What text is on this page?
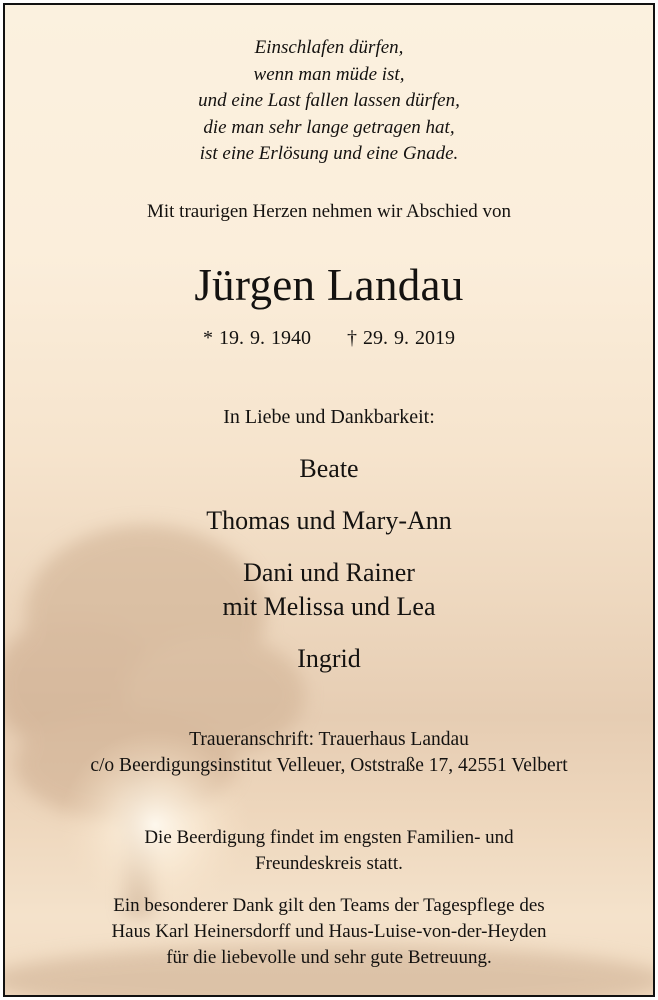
Einschlafen dürfen,
wenn man müde ist,
und eine Last fallen lassen dürfen,
die man sehr lange getragen hat,
ist eine Erlösung und eine Gnade.
Mit traurigen Herzen nehmen wir Abschied von
Jürgen Landau
* 19. 9. 1940 † 29. 9. 2019
In Liebe und Dankbarkeit:
Beate
Thomas und Mary-Ann
Dani und Rainer
mit Melissa und Lea
Ingrid
Traueranschrift: Trauerhaus Landau
c/o Beerdigungsinstitut Velleuer, Oststraße 17, 42551 Velbert
Die Beerdigung findet im engsten Familien- und
Freundeskreis statt.
Ein besonderer Dank gilt den Teams der Tagespflege des
Haus Karl Heinersdorff und Haus-Luise-von-der-Heyden
für die liebevolle und sehr gute Betreuung.
